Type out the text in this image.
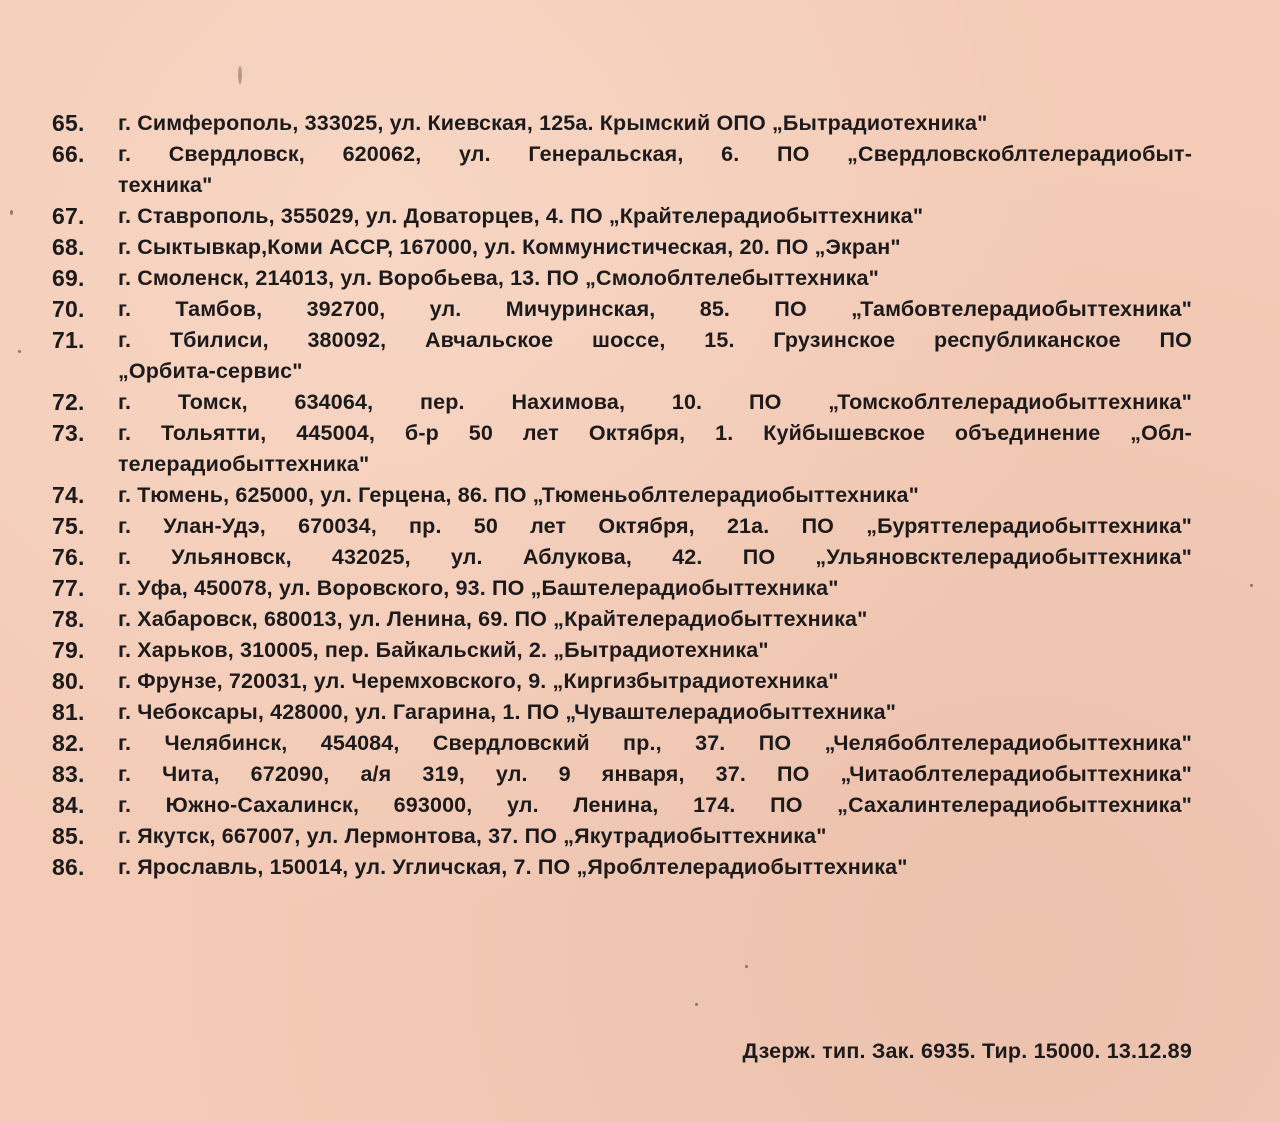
65.	г. Симферополь, 333025, ул. Киевская, 125а. Крымский ОПО „Бытрадиотехника"
66.	г. Свердловск, 620062, ул. Генеральская, 6. ПО „Свердловскоблтелерадиобыт-
техника"
67.	г. Ставрополь, 355029, ул. Доваторцев, 4. ПО „Крайтелерадиобыттехника"
68.	г. Сыктывкар,Коми АССР, 167000, ул. Коммунистическая, 20. ПО „Экран"
69.	г. Смоленск, 214013, ул. Воробьева, 13. ПО „Смолоблтелебыттехника"
70.	г. Тамбов, 392700, ул. Мичуринская, 85. ПО „Тамбовтелерадиобыттехника"
71.	г. Тбилиси, 380092, Авчальское шоссе, 15. Грузинское республиканское ПО
„Орбита-сервис"
72.	г. Томск, 634064, пер. Нахимова, 10. ПО „Томскоблтелерадиобыттехника"
73.	г. Тольятти, 445004, б-р 50 лет Октября, 1. Куйбышевское объединение „Обл-
телерадиобыттехника"
74.	г. Тюмень, 625000, ул. Герцена, 86. ПО „Тюменьоблтелерадиобыттехника"
75.	г. Улан-Удэ, 670034, пр. 50 лет Октября, 21а. ПО „Буряттелерадиобыттехника"
76.	г. Ульяновск, 432025, ул. Аблукова, 42. ПО „Ульяновсктелерадиобыттехника"
77.	г. Уфа, 450078, ул. Воровского, 93. ПО „Баштелерадиобыттехника"
78.	г. Хабаровск, 680013, ул. Ленина, 69. ПО „Крайтелерадиобыттехника"
79.	г. Харьков, 310005, пер. Байкальский, 2. „Бытрадиотехника"
80.	г. Фрунзе, 720031, ул. Черемховского, 9. „Киргизбытрадиотехника"
81.	г. Чебоксары, 428000, ул. Гагарина, 1. ПО „Чуваштелерадиобыттехника"
82.	г. Челябинск, 454084, Свердловский пр., 37. ПО „Челябоблтелерадиобыттехника"
83.	г. Чита, 672090, а/я 319, ул. 9 января, 37. ПО „Читаоблтелерадиобыттехника"
84.	г. Южно-Сахалинск, 693000, ул. Ленина, 174. ПО „Сахалинтелерадиобыттехника"
85.	г. Якутск, 667007, ул. Лермонтова, 37. ПО „Якутрадиобыттехника"
86.	г. Ярославль, 150014, ул. Угличская, 7. ПО „Яроблтелерадиобыттехника"
Дзерж. тип. Зак. 6935. Тир. 15000. 13.12.89
